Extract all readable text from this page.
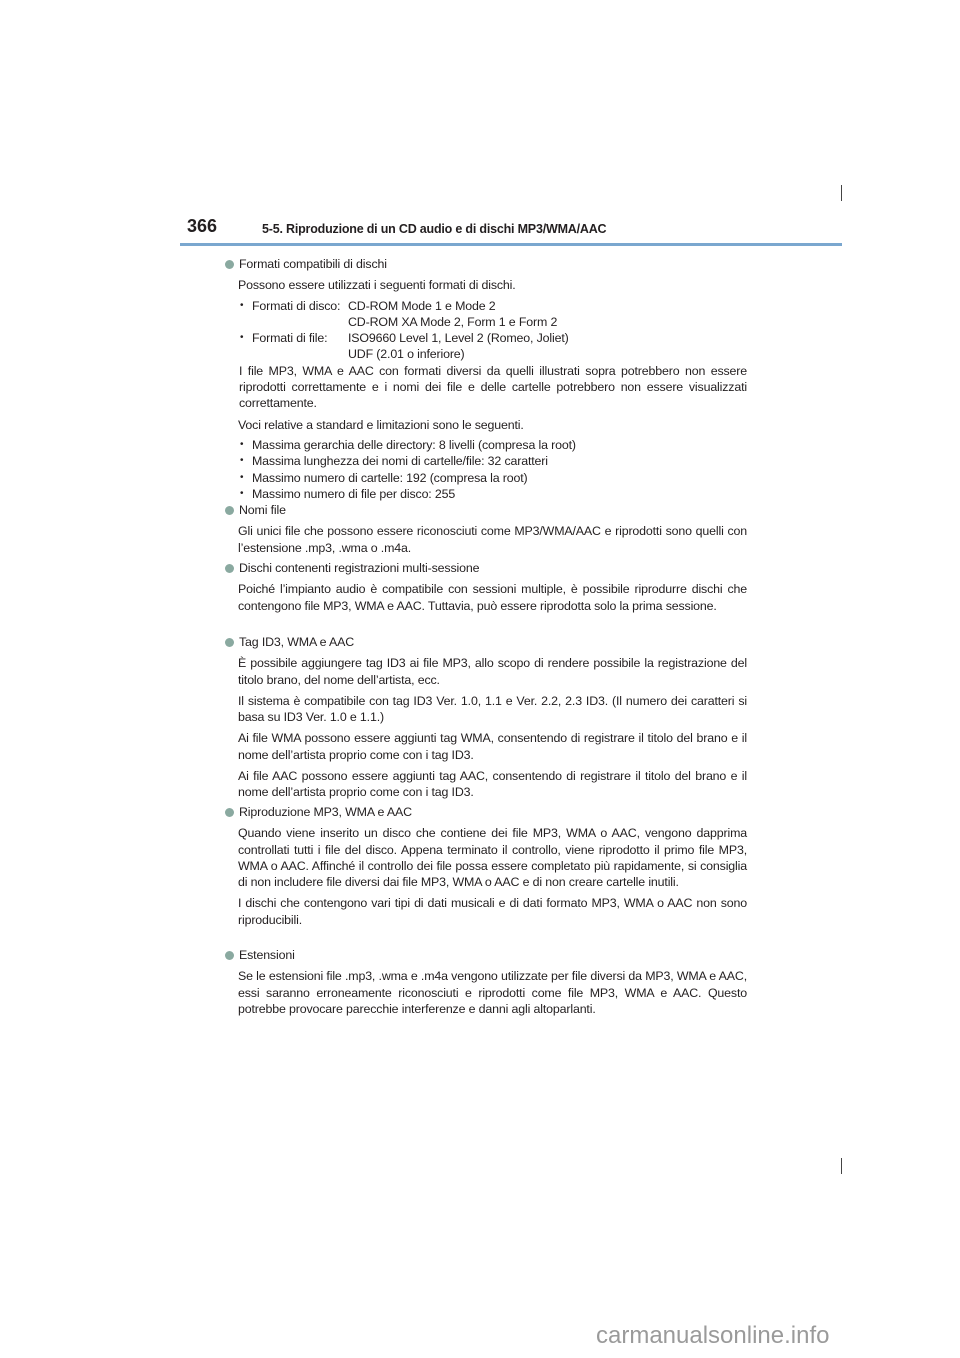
366	5-5. Riproduzione di un CD audio e di dischi MP3/WMA/AAC
Formati compatibili di dischi
Possono essere utilizzati i seguenti formati di dischi.
• Formati di disco: CD-ROM Mode 1 e Mode 2
CD-ROM XA Mode 2, Form 1 e Form 2
• Formati di file:	ISO9660 Level 1, Level 2 (Romeo, Joliet)
UDF (2.01 o inferiore)
I file MP3, WMA e AAC con formati diversi da quelli illustrati sopra potrebbero non essere riprodotti correttamente e i nomi dei file e delle cartelle potrebbero non essere visualizzati correttamente.
Voci relative a standard e limitazioni sono le seguenti.
• Massima gerarchia delle directory: 8 livelli (compresa la root)
• Massima lunghezza dei nomi di cartelle/file: 32 caratteri
• Massimo numero di cartelle: 192 (compresa la root)
• Massimo numero di file per disco: 255
Nomi file
Gli unici file che possono essere riconosciuti come MP3/WMA/AAC e riprodotti sono quelli con l’estensione .mp3, .wma o .m4a.
Dischi contenenti registrazioni multi-sessione
Poiché l’impianto audio è compatibile con sessioni multiple, è possibile riprodurre dischi che contengono file MP3, WMA e AAC. Tuttavia, può essere riprodotta solo la prima sessione.
Tag ID3, WMA e AAC
È possibile aggiungere tag ID3 ai file MP3, allo scopo di rendere possibile la registrazione del titolo brano, del nome dell’artista, ecc.
Il sistema è compatibile con tag ID3 Ver. 1.0, 1.1 e Ver. 2.2, 2.3 ID3. (Il numero dei caratteri si basa su ID3 Ver. 1.0 e 1.1.)
Ai file WMA possono essere aggiunti tag WMA, consentendo di registrare il titolo del brano e il nome dell’artista proprio come con i tag ID3.
Ai file AAC possono essere aggiunti tag AAC, consentendo di registrare il titolo del brano e il nome dell’artista proprio come con i tag ID3.
Riproduzione MP3, WMA e AAC
Quando viene inserito un disco che contiene dei file MP3, WMA o AAC, vengono dapprima controllati tutti i file del disco. Appena terminato il controllo, viene riprodotto il primo file MP3, WMA o AAC. Affinché il controllo dei file possa essere completato più rapidamente, si consiglia di non includere file diversi dai file MP3, WMA o AAC e di non creare cartelle inutili.
I dischi che contengono vari tipi di dati musicali e di dati formato MP3, WMA o AAC non sono riproducibili.
Estensioni
Se le estensioni file .mp3, .wma e .m4a vengono utilizzate per file diversi da MP3, WMA e AAC, essi saranno erroneamente riconosciuti e riprodotti come file MP3, WMA e AAC. Questo potrebbe provocare parecchie interferenze e danni agli altoparlanti.
carmanualsonline.info
